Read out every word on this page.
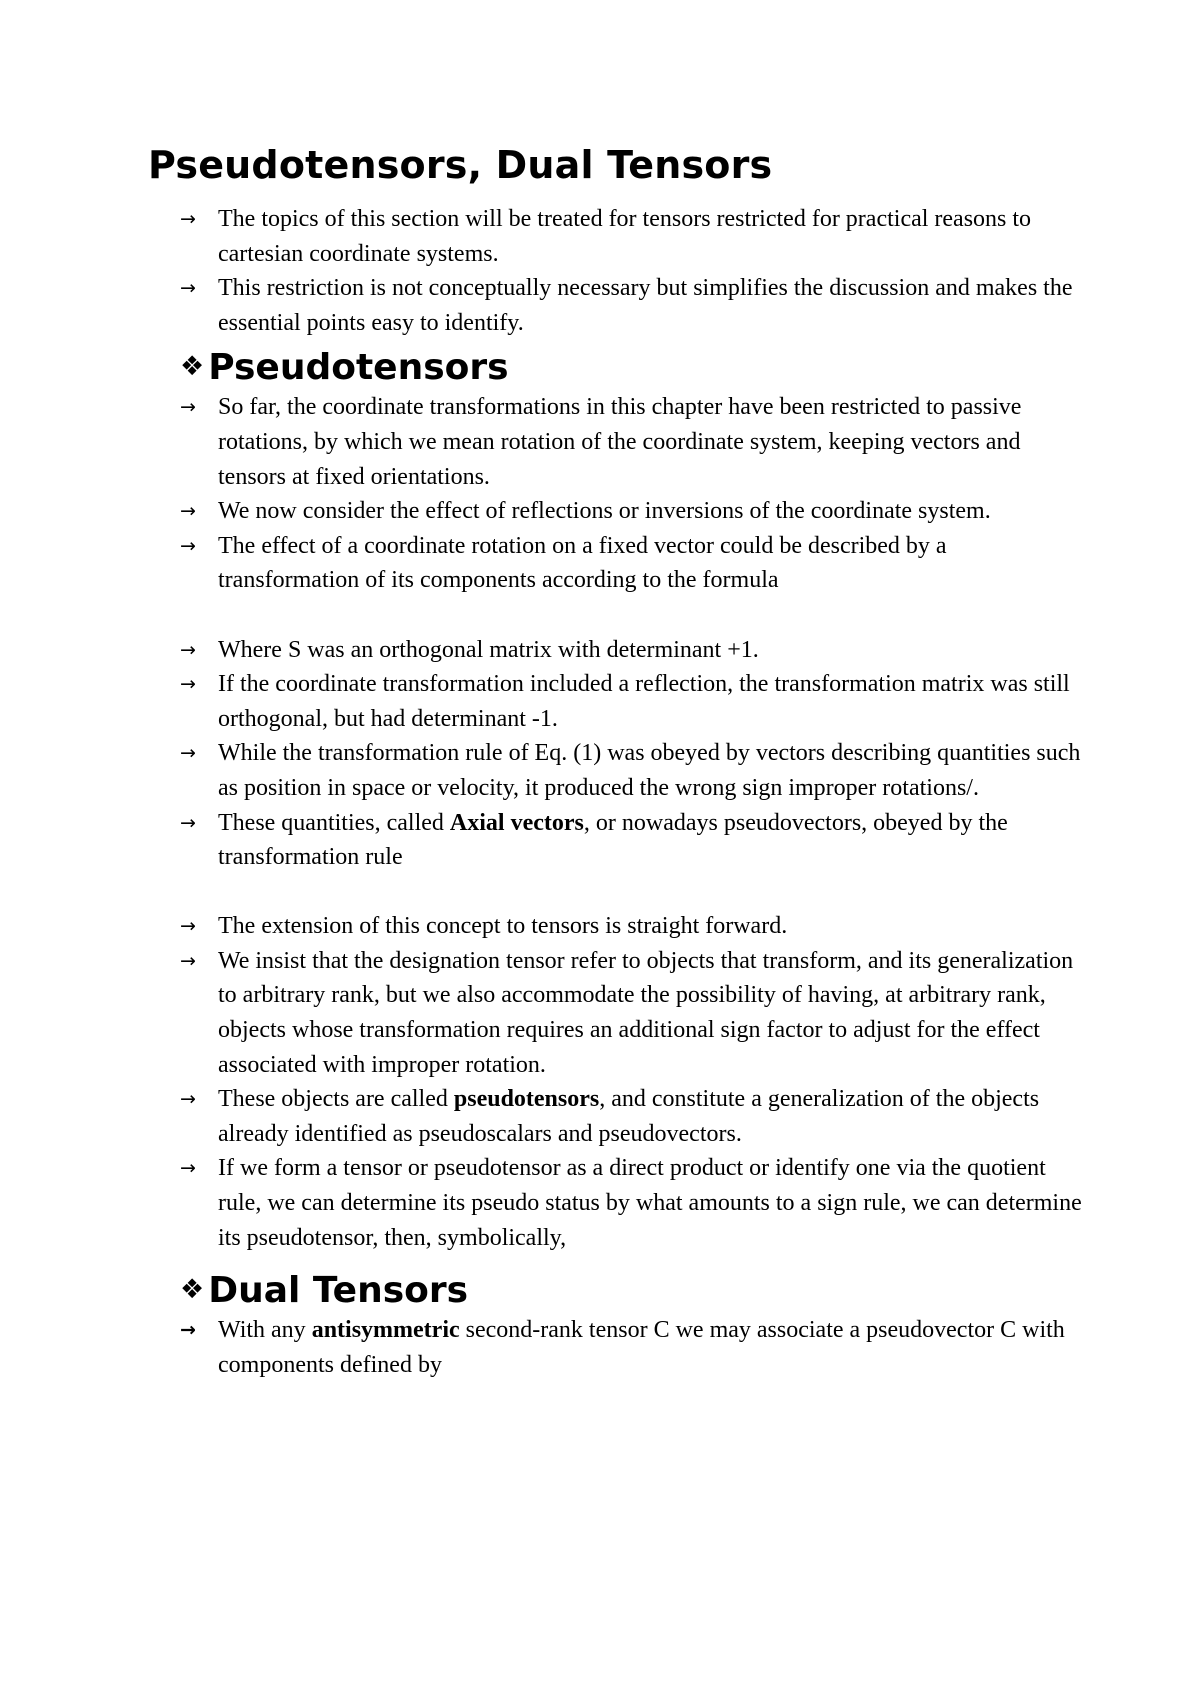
Pseudotensors, Dual Tensors
→ The topics of this section will be treated for tensors restricted for practical reasons to cartesian coordinate systems.
→ This restriction is not conceptually necessary but simplifies the discussion and makes the essential points easy to identify.
❖ Pseudotensors
→ So far, the coordinate transformations in this chapter have been restricted to passive rotations, by which we mean rotation of the coordinate system, keeping vectors and tensors at fixed orientations.
→ We now consider the effect of reflections or inversions of the coordinate system.
→ The effect of a coordinate rotation on a fixed vector could be described by a transformation of its components according to the formula
→ Where S was an orthogonal matrix with determinant +1.
→ If the coordinate transformation included a reflection, the transformation matrix was still orthogonal, but had determinant -1.
→ While the transformation rule of Eq. (1) was obeyed by vectors describing quantities such as position in space or velocity, it produced the wrong sign improper rotations/.
→ These quantities, called Axial vectors, or nowadays pseudovectors, obeyed by the transformation rule
→ The extension of this concept to tensors is straight forward.
→ We insist that the designation tensor refer to objects that transform, and its generalization to arbitrary rank, but we also accommodate the possibility of having, at arbitrary rank, objects whose transformation requires an additional sign factor to adjust for the effect associated with improper rotation.
→ These objects are called pseudotensors, and constitute a generalization of the objects already identified as pseudoscalars and pseudovectors.
→ If we form a tensor or pseudotensor as a direct product or identify one via the quotient rule, we can determine its pseudo status by what amounts to a sign rule, we can determine its pseudotensor, then, symbolically,
❖ Dual Tensors
→ With any antisymmetric second-rank tensor C we may associate a pseudovector C with components defined by
